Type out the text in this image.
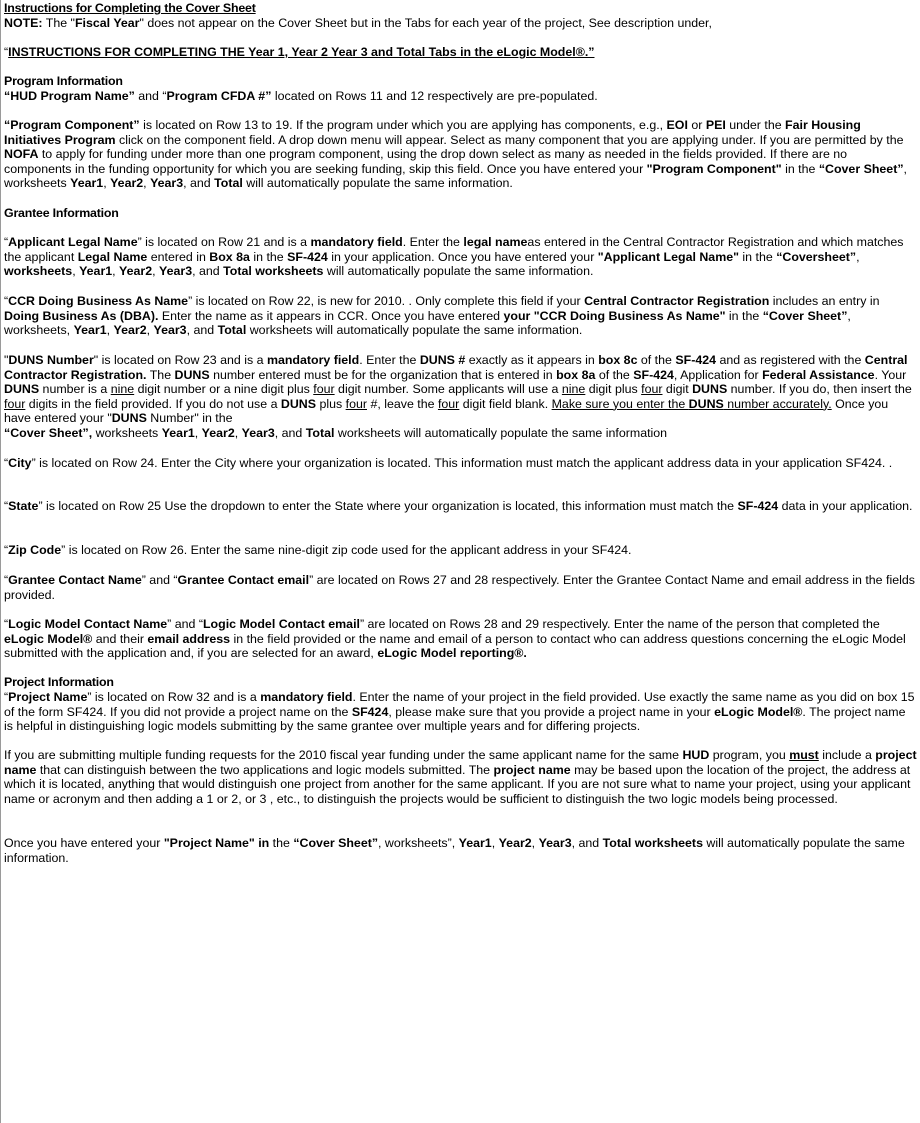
Instructions for Completing the Cover Sheet

NOTE: The "Fiscal Year" does not appear on the Cover Sheet but in the Tabs for each year of the project, See description under,

“INSTRUCTIONS FOR COMPLETING THE Year 1, Year 2 Year 3 and Total Tabs in the eLogic Model®.”

Program Information

“HUD Program Name” and “Program CFDA #” located on Rows 11 and 12 respectively are pre-populated.

“Program Component” is located on Row 13 to 19. If the program under which you are applying has components, e.g., EOI or PEI under the Fair Housing Initiatives Program click on the component field. A drop down menu will appear. Select as many component that you are applying under. If you are permitted by the NOFA to apply for funding under more than one program component, using the drop down select as many as needed in the fields provided. If there are no components in the funding opportunity for which you are seeking funding, skip this field. Once you have entered your "Program Component" in the “Cover Sheet”, worksheets Year1, Year2, Year3, and Total will automatically populate the same information.

Grantee Information

“Applicant Legal Name” is located on Row 21 and is a mandatory field. Enter the legal nameas entered in the Central Contractor Registration and which matches the applicant Legal Name entered in Box 8a in the SF-424 in your application. Once you have entered your "Applicant Legal Name" in the “Coversheet”, worksheets, Year1, Year2, Year3, and Total worksheets will automatically populate the same information.

“CCR Doing Business As Name” is located on Row 22, is new for 2010. . Only complete this field if your Central Contractor Registration includes an entry in Doing Business As (DBA). Enter the name as it appears in CCR. Once you have entered your "CCR Doing Business As Name" in the “Cover Sheet”, worksheets, Year1, Year2, Year3, and Total worksheets will automatically populate the same information.

"DUNS Number" is located on Row 23 and is a mandatory field. Enter the DUNS # exactly as it appears in box 8c of the SF-424 and as registered with the Central Contractor Registration. The DUNS number entered must be for the organization that is entered in box 8a of the SF-424, Application for Federal Assistance. Your DUNS number is a nine digit number or a nine digit plus four digit number. Some applicants will use a nine digit plus four digit DUNS number. If you do, then insert the four digits in the field provided. If you do not use a DUNS plus four #, leave the four digit field blank. Make sure you enter the DUNS number accurately. Once you have entered your "DUNS Number" in the
“Cover Sheet”, worksheets Year1, Year2, Year3, and Total worksheets will automatically populate the same information

“City” is located on Row 24. Enter the City where your organization is located. This information must match the applicant address data in your application SF424. .

“State” is located on Row 25 Use the dropdown to enter the State where your organization is located, this information must match the SF-424 data in your application.

“Zip Code” is located on Row 26. Enter the same nine-digit zip code used for the applicant address in your SF424.

“Grantee Contact Name” and “Grantee Contact email” are located on Rows 27 and 28 respectively. Enter the Grantee Contact Name and email address in the fields provided.

“Logic Model Contact Name” and “Logic Model Contact email” are located on Rows 28 and 29 respectively. Enter the name of the person that completed the eLogic Model® and their email address in the field provided or the name and email of a person to contact who can address questions concerning the eLogic Model submitted with the application and, if you are selected for an award, eLogic Model reporting®.

Project Information

“Project Name” is located on Row 32 and is a mandatory field. Enter the name of your project in the field provided. Use exactly the same name as you did on box 15 of the form SF424. If you did not provide a project name on the SF424, please make sure that you provide a project name in your eLogic Model®. The project name is helpful in distinguishing logic models submitting by the same grantee over multiple years and for differing projects.

If you are submitting multiple funding requests for the 2010 fiscal year funding under the same applicant name for the same HUD program, you must include a project name that can distinguish between the two applications and logic models submitted. The project name may be based upon the location of the project, the address at which it is located, anything that would distinguish one project from another for the same applicant. If you are not sure what to name your project, using your applicant name or acronym and then adding a 1 or 2, or 3 , etc., to distinguish the projects would be sufficient to distinguish the two logic models being processed.

Once you have entered your "Project Name" in the “Cover Sheet”, worksheets”, Year1, Year2, Year3, and Total worksheets will automatically populate the same information.
